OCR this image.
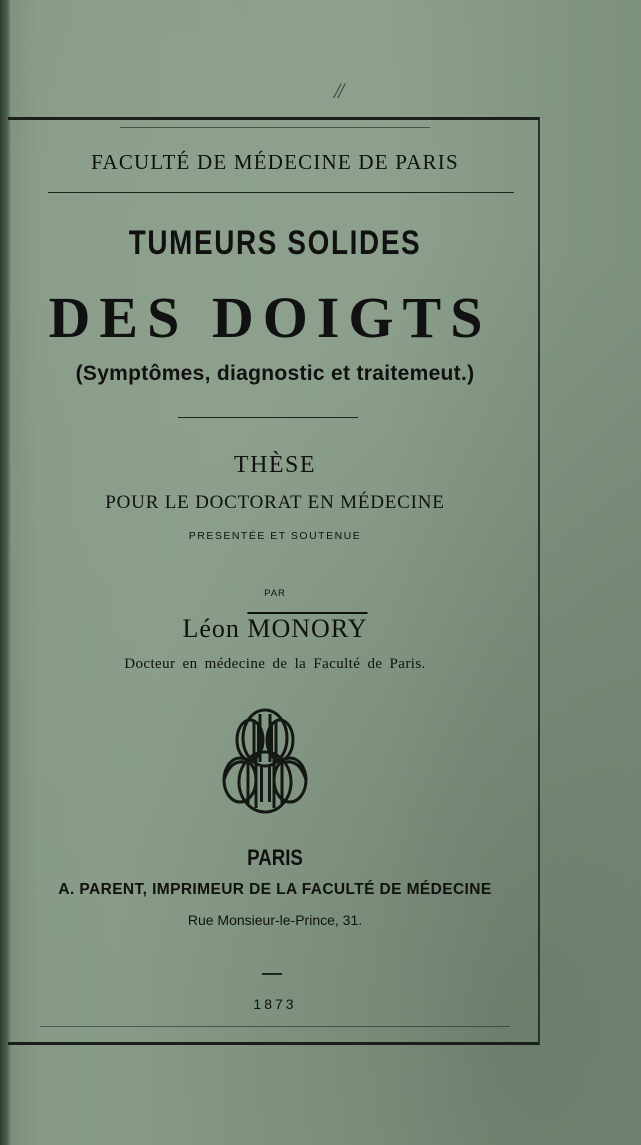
//
FACULTÉ DE MÉDECINE DE PARIS
TUMEURS SOLIDES
DES DOIGTS
(Symptômes, diagnostic et traitemeut.)
THÈSE
POUR LE DOCTORAT EN MÉDECINE
PRESENTÉE ET SOUTENUE
PAR
Léon MONORY
Docteur en médecine de la Faculté de Paris.
PARIS
A. PARENT, IMPRIMEUR DE LA FACULTÉ DE MÉDECINE
Rue Monsieur-le-Prince, 31.
1873
